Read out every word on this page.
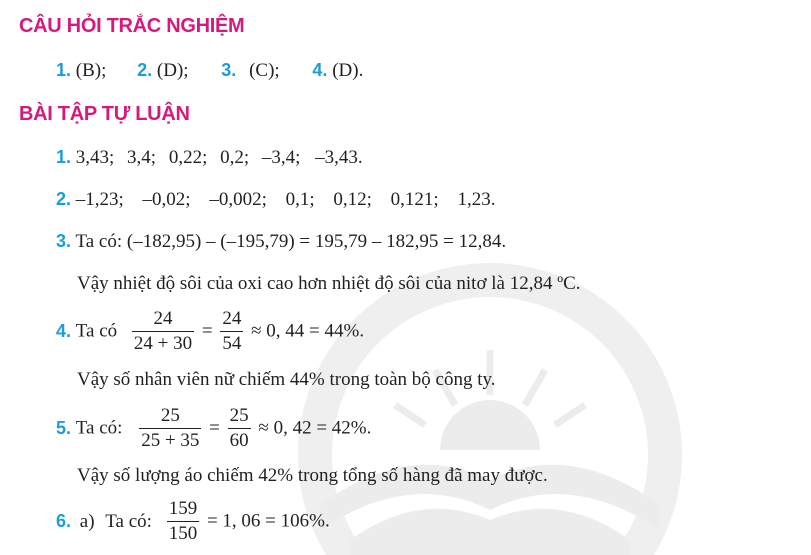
CÂU HỎI TRẮC NGHIỆM
1. (B); 2. (D); 3. (C); 4. (D).
BÀI TẬP TỰ LUẬN
1. 3,43; 3,4; 0,22; 0,2; –3,4; –3,43.
2. –1,23; –0,02; –0,002; 0,1; 0,12; 0,121; 1,23.
3. Ta có: (–182,95) – (–195,79) = 195,79 – 182,95 = 12,84.
Vậy nhiệt độ sôi của oxi cao hơn nhiệt độ sôi của nitơ là 12,84 ºC.
4. Ta có $\frac{24}{24 + 30} = \frac{24}{54} \approx 0$, 44 = 44%.
Vậy số nhân viên nữ chiếm 44% trong toàn bộ công ty.
5. Ta có: $\frac{25}{25 + 35} = \frac{25}{60} \approx 0$, 42 = 42%.
Vậy số lượng áo chiếm 42% trong tổng số hàng đã may được.
6. a) Ta có: $\frac{159}{150} = 1$, 06 = 106%.
